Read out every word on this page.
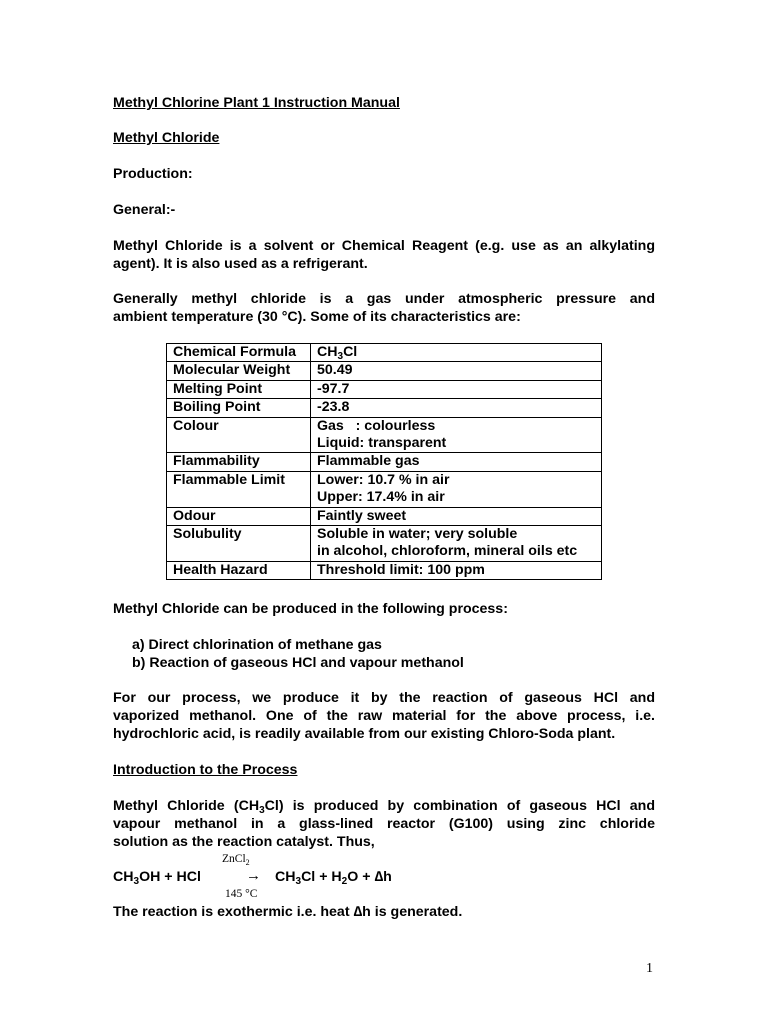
Methyl Chlorine Plant 1 Instruction Manual
Methyl Chloride
Production:
General:-
Methyl Chloride is a solvent or Chemical Reagent (e.g. use as an alkylating
agent). It is also used as a refrigerant.
Generally methyl chloride is a gas under atmospheric pressure and
ambient temperature (30 °C). Some of its characteristics are:
Chemical Formula	$CH_3Cl$
Molecular Weight	50.49
Melting Point	-97.7
Boiling Point	-23.8
Colour	Gas   : colourless
Liquid: transparent

Flammability	Flammable gas
Flammable Limit	Lower: 10.7 % in air
Upper: 17.4% in air

Odour	Faintly sweet
Solubulity	Soluble in water; very soluble
in alcohol, chloroform, mineral oils etc

Health Hazard	Threshold limit: 100 ppm
Methyl Chloride can be produced in the following process:
a) Direct chlorination of methane gas
b) Reaction of gaseous HCl and vapour methanol
For our process, we produce it by the reaction of gaseous HCl and
vaporized methanol. One of the raw material for the above process, i.e.
hydrochloric acid, is readily available from our existing Chloro-Soda plant.
Introduction to the Process
Methyl Chloride $(CH_3Cl)$ is produced by combination of gaseous HCl and
vapour methanol in a glass-lined reactor (G100) using zinc chloride
solution as the reaction catalyst. Thus,
ZnCl$_2$
$CH_3OH$ + HCl	→ $CH_3Cl + H_2O + \Delta h$
145 °C
The reaction is exothermic i.e. heat ∆h is generated.
1
